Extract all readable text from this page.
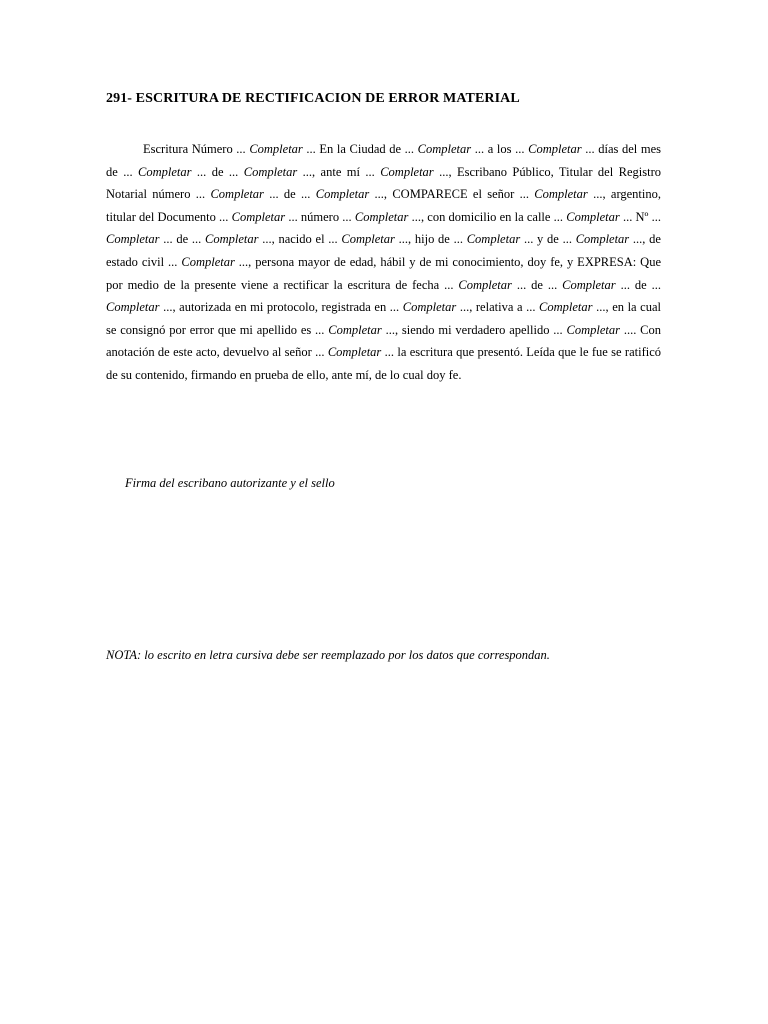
291- ESCRITURA DE RECTIFICACION DE ERROR MATERIAL

Escritura Número ... Completar ... En la Ciudad de ... Completar ... a los ... Completar ... días del mes de ... Completar ... de ... Completar ..., ante mí ... Completar ..., Escribano Público, Titular del Registro Notarial número ... Completar ... de ... Completar ..., COMPARECE el señor ... Completar ..., argentino, titular del Documento ... Completar ... número ... Completar ..., con domicilio en la calle ... Completar ... Nº ... Completar ... de ... Completar ..., nacido el ... Completar ..., hijo de ... Completar ... y de ... Completar ..., de estado civil ... Completar ..., persona mayor de edad, hábil y de mi conocimiento, doy fe, y EXPRESA: Que por medio de la presente viene a rectificar la escritura de fecha ... Completar ... de ... Completar ... de ... Completar ..., autorizada en mi protocolo, registrada en ... Completar ..., relativa a ... Completar ..., en la cual se consignó por error que mi apellido es ... Completar ..., siendo mi verdadero apellido ... Completar .... Con anotación de este acto, devuelvo al señor ... Completar ... la escritura que presentó. Leída que le fue se ratificó de su contenido, firmando en prueba de ello, ante mí, de lo cual doy fe.

Firma del escribano autorizante y el sello
NOTA: lo escrito en letra cursiva debe ser reemplazado por los datos que correspondan.
